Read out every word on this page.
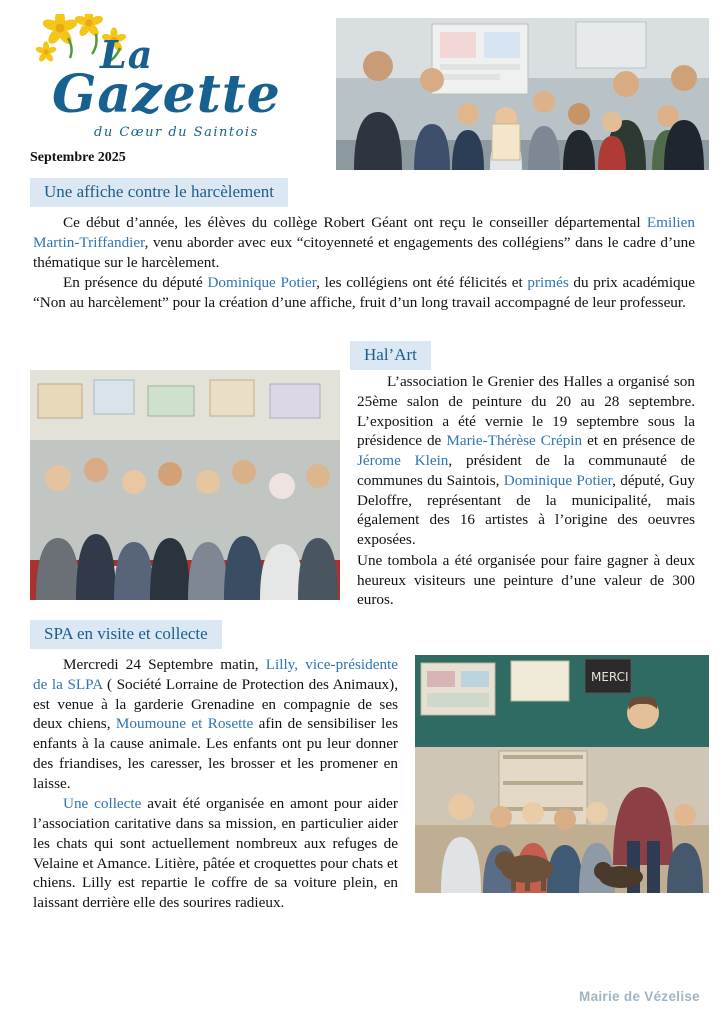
La
Gazette
du Cœur du Saintois
Septembre 2025
Une affiche contre le harcèlement

Ce début d’année, les élèves du collège Robert Géant ont reçu le conseiller départemental Emilien Martin-Triffandier, venu aborder avec eux “citoyenneté et engagements des collégiens” dans le cadre d’une thématique sur le harcèlement.

En présence du député Dominique Potier, les collégiens ont été félicités et primés du prix académique “Non au harcèlement” pour la création d’une affiche, fruit d’un long travail accompagné de leur professeur.

Hal’Art

L’association le Grenier des Halles a organisé son 25ème salon de peinture du 20 au 28 septembre. L’exposition a été vernie le 19 septembre sous la présidence de Marie-Thérèse Crépin et en présence de Jérome Klein, président de la communauté de communes du Saintois, Dominique Potier, député, Guy Deloffre, représentant de la municipalité, mais également des 16 artistes à l’origine des oeuvres exposées.

Une tombola a été organisée pour faire gagner à deux heureux visiteurs une peinture d’une valeur de 300 euros.

SPA en visite et collecte
MERCI

Mercredi 24 Septembre matin, Lilly, vice-présidente de la SLPA ( Société Lorraine de Protection des Animaux), est venue à la garderie Grenadine en compagnie de ses deux chiens, Moumoune et Rosette afin de sensibiliser les enfants à la cause animale. Les enfants ont pu leur donner des friandises, les caresser, les brosser et les promener en laisse.

Une collecte avait été organisée en amont pour aider l’association caritative dans sa mission, en particulier aider les chats qui sont actuellement nombreux aux refuges de Velaine et Amance. Litière, pâtée et croquettes pour chats et chiens. Lilly est repartie le coffre de sa voiture plein, en laissant derrière elle des sourires radieux.

Mairie de Vézelise
